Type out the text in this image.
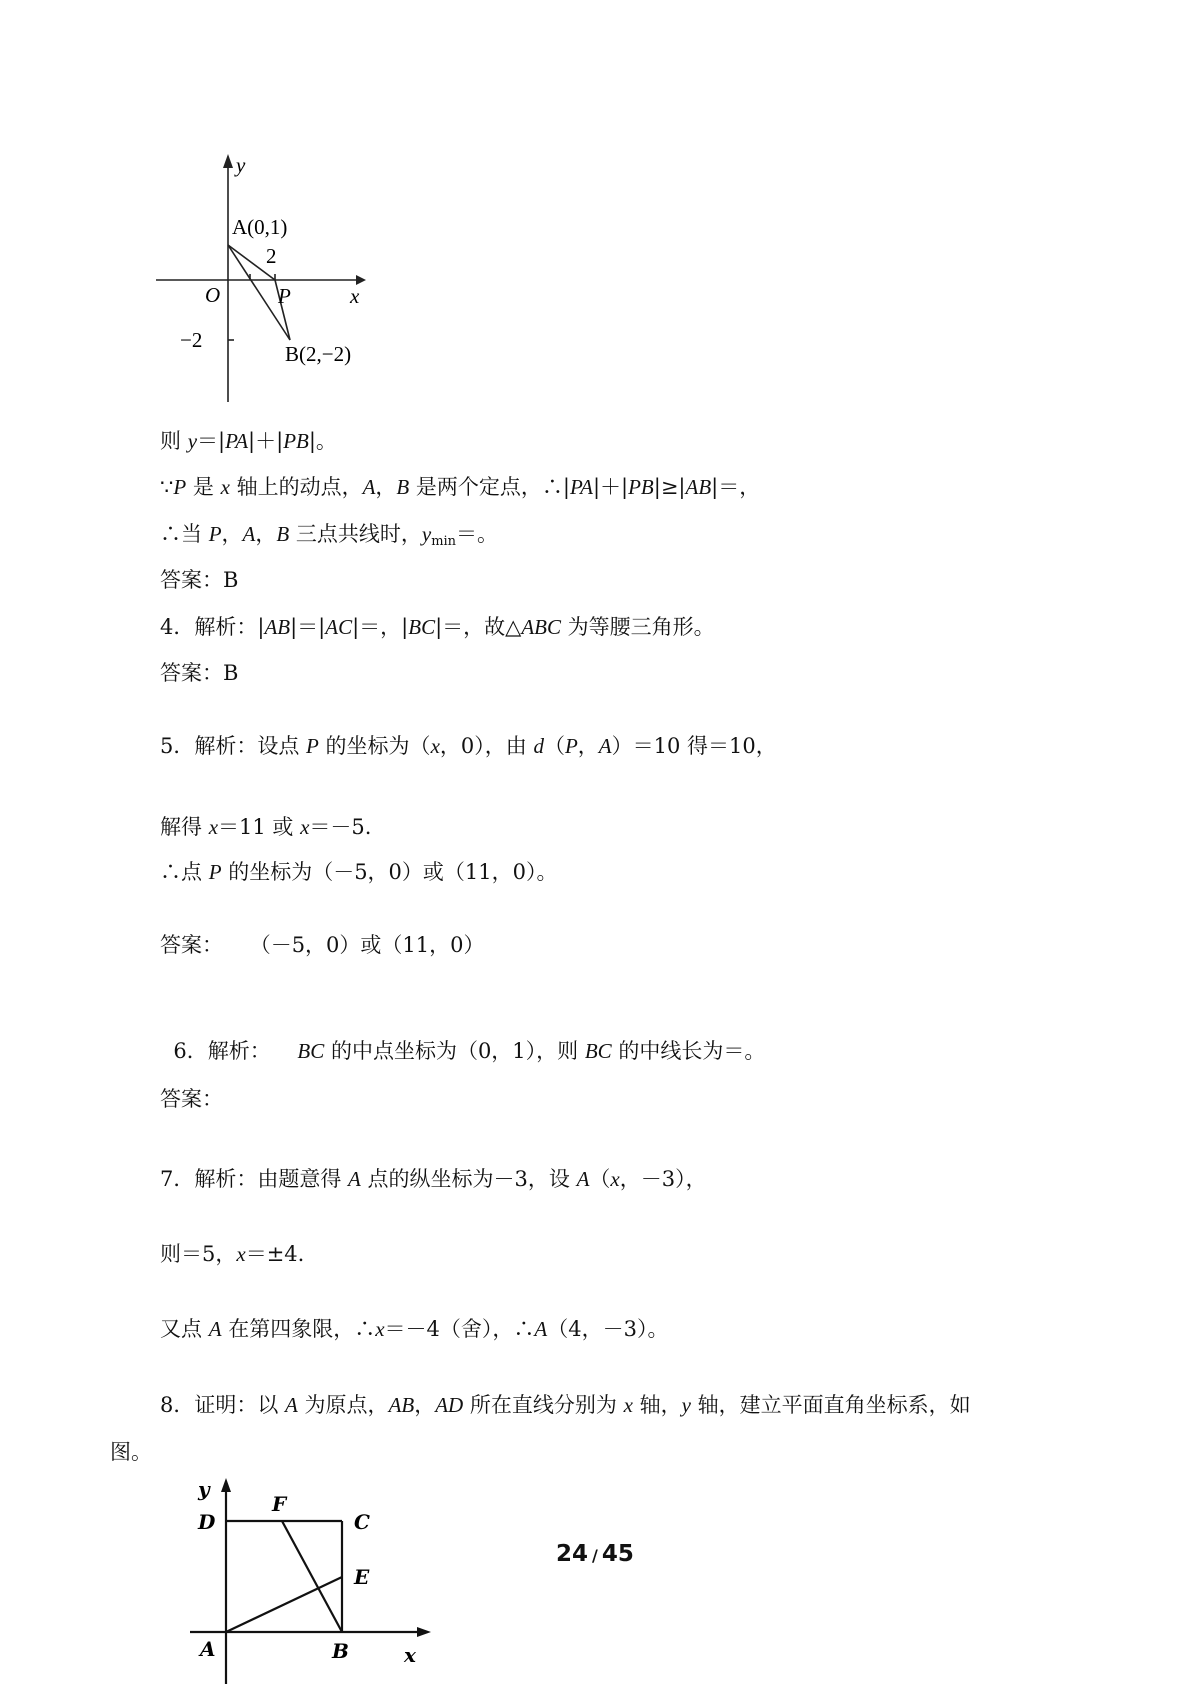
y
x
O
A(0,1)
2
P
−2
B(2,−2)
则 y＝|PA|＋|PB|。
∵P 是 x 轴上的动点，A，B 是两个定点，∴|PA|＋|PB|≥|AB|＝，
∴当 P，A，B 三点共线时，ymin＝。
答案：B
4．解析：|AB|＝|AC|＝，|BC|＝，故△ABC 为等腰三角形。
答案：B
5．解析：设点 P 的坐标为（x，0），由 d（P，A）＝10 得＝10，
解得 x＝11 或 x＝－5.
∴点 P 的坐标为（－5，0）或（11，0）。
答案：    （－5，0）或（11，0）

6．解析：    BC 的中点坐标为（0，1），则 BC 的中线长为＝。

答案：
7．解析：由题意得 A 点的纵坐标为－3，设 A（x，－3），
则＝5，x＝±4.
又点 A 在第四象限，∴x＝－4（舍），∴A（4，－3）。
8．证明：以 A 为原点，AB，AD 所在直线分别为 x 轴，y 轴，建立平面直角坐标系，如
图。
y
D
F
C
E
A	B	x
24 / 45
